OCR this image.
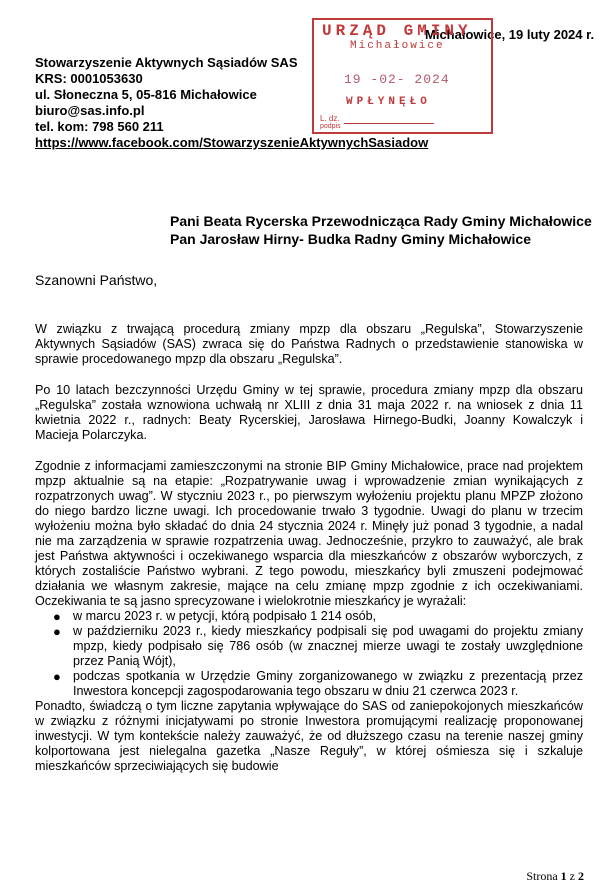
Michałowice, 19 luty 2024 r.
URZĄD GMINY
Michałowice
19 -02- 2024
WPŁYNĘŁO
L. dz.
podpis
Stowarzyszenie Aktywnych Sąsiadów SAS
KRS: 0001053630
ul. Słoneczna 5, 05-816 Michałowice
biuro@sas.info.pl
tel. kom: 798 560 211
https://www.facebook.com/StowarzyszenieAktywnychSasiadow
Pani Beata Rycerska Przewodnicząca Rady Gminy Michałowice
Pan Jarosław Hirny- Budka Radny Gminy Michałowice
Szanowni Państwo,

W związku z trwającą procedurą zmiany mpzp dla obszaru „Regulska”, Stowarzyszenie Aktywnych Sąsiadów (SAS) zwraca się do Państwa Radnych o przedstawienie stanowiska w sprawie procedowanego mpzp dla obszaru „Regulska”.

Po 10 latach bezczynności Urzędu Gminy w tej sprawie, procedura zmiany mpzp dla obszaru „Regulska” została wznowiona uchwałą nr XLIII z dnia 31 maja 2022 r. na wniosek z dnia 11 kwietnia 2022 r., radnych: Beaty Rycerskiej, Jarosława Hirnego-Budki, Joanny Kowalczyk i Macieja Polarczyka.

Zgodnie z informacjami zamieszczonymi na stronie BIP Gminy Michałowice, prace nad projektem mpzp aktualnie są na etapie: „Rozpatrywanie uwag i wprowadzenie zmian wynikających z rozpatrzonych uwag”. W styczniu 2023 r., po pierwszym wyłożeniu projektu planu MPZP złożono do niego bardzo liczne uwagi. Ich procedowanie trwało 3 tygodnie. Uwagi do planu w trzecim wyłożeniu można było składać do dnia 24 stycznia 2024 r. Minęły już ponad 3 tygodnie, a nadal nie ma zarządzenia w sprawie rozpatrzenia uwag. Jednocześnie, przykro to zauważyć, ale brak jest Państwa aktywności i oczekiwanego wsparcia dla mieszkańców z obszarów wyborczych, z których zostaliście Państwo wybrani. Z tego powodu, mieszkańcy byli zmuszeni podejmować działania we własnym zakresie, mające na celu zmianę mpzp zgodnie z ich oczekiwaniami. Oczekiwania te są jasno sprecyzowane i wielokrotnie mieszkańcy je wyrażali:

● w marcu 2023 r. w petycji, którą podpisało 1 214 osób,
● w październiku 2023 r., kiedy mieszkańcy podpisali się pod uwagami do projektu zmiany mpzp, kiedy podpisało się 786 osób (w znacznej mierze uwagi te zostały uwzględnione przez Panią Wójt),
● podczas spotkania w Urzędzie Gminy zorganizowanego w związku z prezentacją przez Inwestora koncepcji zagospodarowania tego obszaru w dniu 21 czerwca 2023 r.

Ponadto, świadczą o tym liczne zapytania wpływające do SAS od zaniepokojonych mieszkańców w związku z różnymi inicjatywami po stronie Inwestora promującymi realizację proponowanej inwestycji. W tym kontekście należy zauważyć, że od dłuższego czasu na terenie naszej gminy kolportowana jest nielegalna gazetka „Nasze Reguły”, w której ośmiesza się i szkaluje mieszkańców sprzeciwiających się budowie

Strona 1 z 2
